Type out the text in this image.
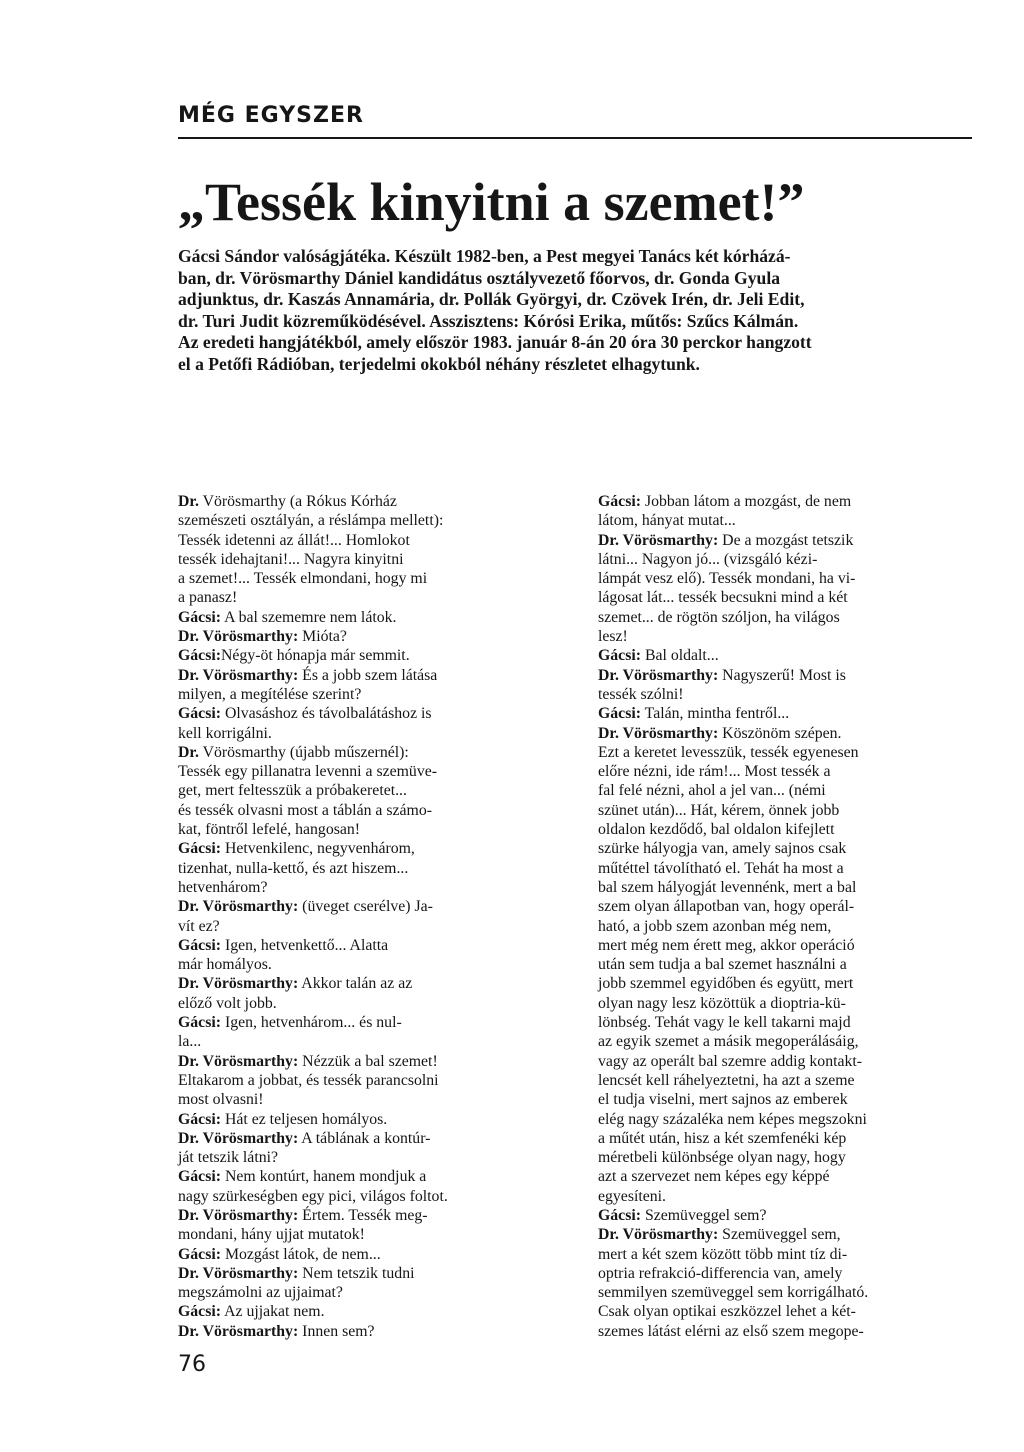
MÉG EGYSZER
„Tessék kinyitni a szemet!”
Gácsi Sándor valóságjátéka. Készült 1982-ben, a Pest megyei Tanács két kórházá-
ban, dr. Vörösmarthy Dániel kandidátus osztályvezető főorvos, dr. Gonda Gyula
adjunktus, dr. Kaszás Annamária, dr. Pollák Györgyi, dr. Czövek Irén, dr. Jeli Edit,
dr. Turi Judit közreműködésével. Asszisztens: Kórósi Erika, műtős: Szűcs Kálmán.
Az eredeti hangjátékból, amely először 1983. január 8-án 20 óra 30 perckor hangzott
el a Petőfi Rádióban, terjedelmi okokból néhány részletet elhagytunk.
Dr. Vörösmarthy (a Rókus Kórház
szemészeti osztályán, a réslámpa mellett):
Tessék idetenni az állát!... Homlokot
tessék idehajtani!... Nagyra kinyitni
a szemet!... Tessék elmondani, hogy mi
a panasz!
Gácsi: A bal szememre nem látok.
Dr. Vörösmarthy: Mióta?
Gácsi:Négy-öt hónapja már semmit.
Dr. Vörösmarthy: És a jobb szem látása
milyen, a megítélése szerint?
Gácsi: Olvasáshoz és távolbalátáshoz is
kell korrigálni.
Dr. Vörösmarthy (újabb műszernél):
Tessék egy pillanatra levenni a szemüve-
get, mert feltesszük a próbakeretet...
és tessék olvasni most a táblán a számo-
kat, föntről lefelé, hangosan!
Gácsi: Hetvenkilenc, negyvenhárom,
tizenhat, nulla-kettő, és azt hiszem...
hetvenhárom?
Dr. Vörösmarthy: (üveget cserélve) Ja-
vít ez?
Gácsi: Igen, hetvenkettő... Alatta
már homályos.
Dr. Vörösmarthy: Akkor talán az az
előző volt jobb.
Gácsi: Igen, hetvenhárom... és nul-
la...
Dr. Vörösmarthy: Nézzük a bal szemet!
Eltakarom a jobbat, és tessék parancsolni
most olvasni!
Gácsi: Hát ez teljesen homályos.
Dr. Vörösmarthy: A táblának a kontúr-
ját tetszik látni?
Gácsi: Nem kontúrt, hanem mondjuk a
nagy szürkeségben egy pici, világos foltot.
Dr. Vörösmarthy: Értem. Tessék meg-
mondani, hány ujjat mutatok!
Gácsi: Mozgást látok, de nem...
Dr. Vörösmarthy: Nem tetszik tudni
megszámolni az ujjaimat?
Gácsi: Az ujjakat nem.
Dr. Vörösmarthy: Innen sem?
Gácsi: Jobban látom a mozgást, de nem
látom, hányat mutat...
Dr. Vörösmarthy: De a mozgást tetszik
látni... Nagyon jó... (vizsgáló kézi-
lámpát vesz elő). Tessék mondani, ha vi-
lágosat lát... tessék becsukni mind a két
szemet... de rögtön szóljon, ha világos
lesz!
Gácsi: Bal oldalt...
Dr. Vörösmarthy: Nagyszerű! Most is
tessék szólni!
Gácsi: Talán, mintha fentről...
Dr. Vörösmarthy: Köszönöm szépen.
Ezt a keretet levesszük, tessék egyenesen
előre nézni, ide rám!... Most tessék a
fal felé nézni, ahol a jel van... (némi
szünet után)... Hát, kérem, önnek jobb
oldalon kezdődő, bal oldalon kifejlett
szürke hályogja van, amely sajnos csak
műtéttel távolítható el. Tehát ha most a
bal szem hályogját levennénk, mert a bal
szem olyan állapotban van, hogy operál-
ható, a jobb szem azonban még nem,
mert még nem érett meg, akkor operáció
után sem tudja a bal szemet használni a
jobb szemmel egyidőben és együtt, mert
olyan nagy lesz közöttük a dioptria-kü-
lönbség. Tehát vagy le kell takarni majd
az egyik szemet a másik megoperálásáig,
vagy az operált bal szemre addig kontakt-
lencsét kell ráhelyeztetni, ha azt a szeme
el tudja viselni, mert sajnos az emberek
elég nagy százaléka nem képes megszokni
a műtét után, hisz a két szemfenéki kép
méretbeli különbsége olyan nagy, hogy
azt a szervezet nem képes egy képpé
egyesíteni.
Gácsi: Szemüveggel sem?
Dr. Vörösmarthy: Szemüveggel sem,
mert a két szem között több mint tíz di-
optria refrakció-differencia van, amely
semmilyen szemüveggel sem korrigálható.
Csak olyan optikai eszközzel lehet a két-
szemes látást elérni az első szem megope-
76
